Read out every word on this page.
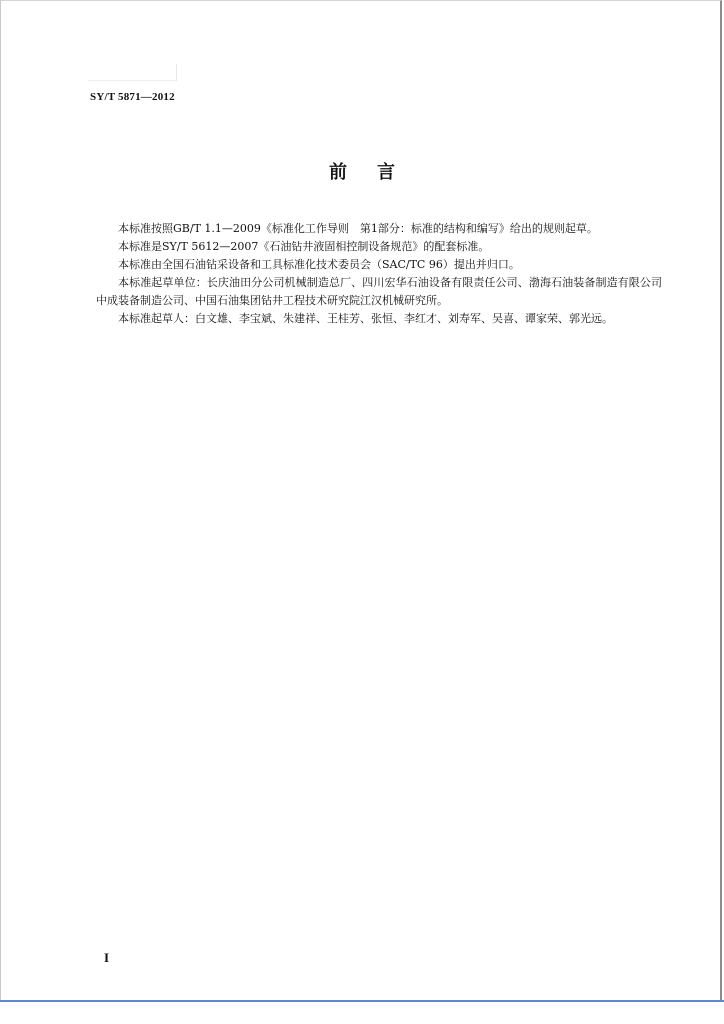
SY/T 5871—2012
前言

本标准按照GB/T 1.1—2009《标准化工作导则　第1部分：标准的结构和编写》给出的规则起草。

本标准是SY/T 5612—2007《石油钻井液固相控制设备规范》的配套标准。

本标准由全国石油钻采设备和工具标准化技术委员会（SAC/TC 96）提出并归口。

本标准起草单位：长庆油田分公司机械制造总厂、四川宏华石油设备有限责任公司、渤海石油装备制造有限公司中成装备制造公司、中国石油集团钻井工程技术研究院江汉机械研究所。

本标准起草人：白文雄、李宝斌、朱建祥、王桂芳、张恒、李红才、刘寿军、吴喜、谭家荣、郭光远。

I
